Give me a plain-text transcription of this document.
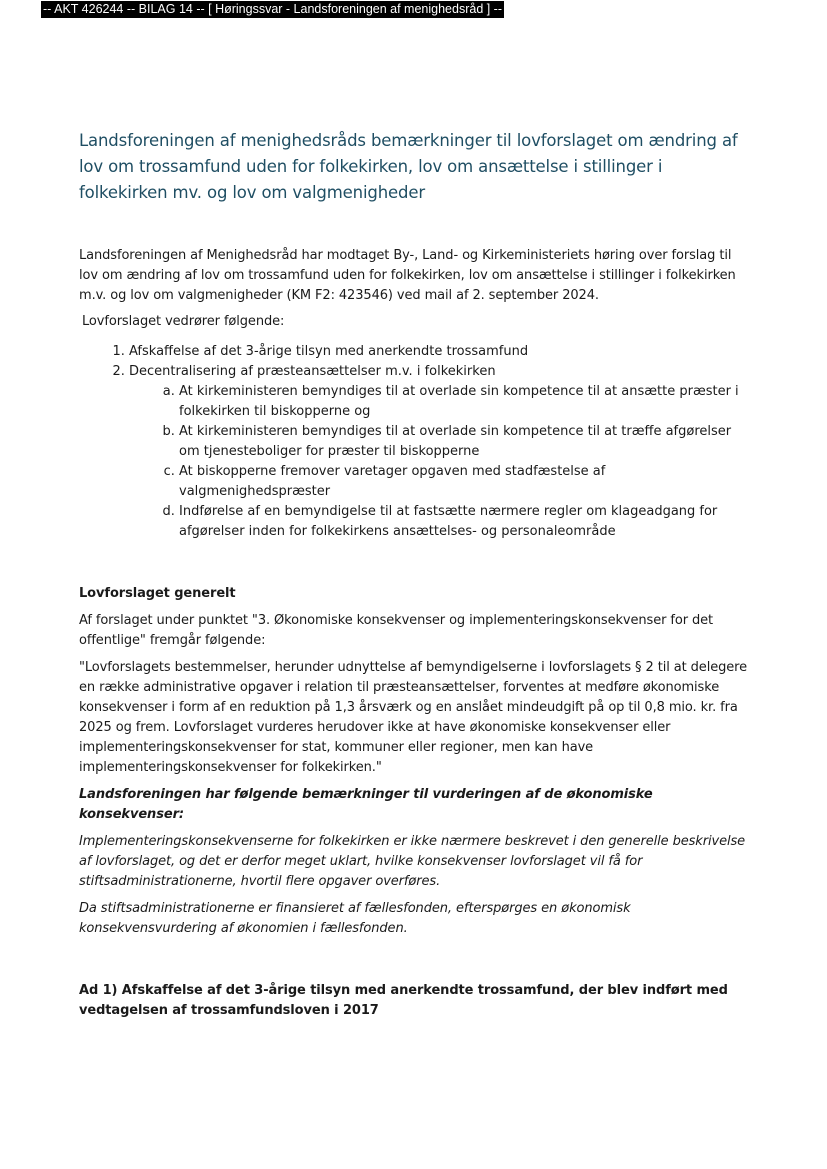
-- AKT 426244 -- BILAG 14 -- [ Høringssvar - Landsforeningen af menighedsråd ] --
Landsforeningen af menighedsråds bemærkninger til lovforslaget om ændring af lov om trossamfund uden for folkekirken, lov om ansættelse i stillinger i folkekirken mv. og lov om valgmenigheder

Landsforeningen af Menighedsråd har modtaget By-, Land- og Kirkeministeriets høring over forslag til lov om ændring af lov om trossamfund uden for folkekirken, lov om ansættelse i stillinger i folkekirken m.v. og lov om valgmenigheder (KM F2: 423546) ved mail af 2. september 2024.

Lovforslaget vedrører følgende:

1. Afskaffelse af det 3-årige tilsyn med anerkendte trossamfund
2. Decentralisering af præsteansættelser m.v. i folkekirken
a. At kirkeministeren bemyndiges til at overlade sin kompetence til at ansætte præster i folkekirken til biskopperne og
b. At kirkeministeren bemyndiges til at overlade sin kompetence til at træffe afgørelser om tjenesteboliger for præster til biskopperne
c. At biskopperne fremover varetager opgaven med stadfæstelse af valgmenighedspræster
d. Indførelse af en bemyndigelse til at fastsætte nærmere regler om klageadgang for afgørelser inden for folkekirkens ansættelses- og personaleområde

Lovforslaget generelt

Af forslaget under punktet "3. Økonomiske konsekvenser og implementeringskonsekvenser for det offentlige" fremgår følgende:

"Lovforslagets bestemmelser, herunder udnyttelse af bemyndigelserne i lovforslagets § 2 til at delegere en række administrative opgaver i relation til præsteansættelser, forventes at medføre økonomiske konsekvenser i form af en reduktion på 1,3 årsværk og en anslået mindeudgift på op til 0,8 mio. kr. fra 2025 og frem. Lovforslaget vurderes herudover ikke at have økonomiske konsekvenser eller implementeringskonsekvenser for stat, kommuner eller regioner, men kan have implementeringskonsekvenser for folkekirken."

Landsforeningen har følgende bemærkninger til vurderingen af de økonomiske konsekvenser:

Implementeringskonsekvenserne for folkekirken er ikke nærmere beskrevet i den generelle beskrivelse af lovforslaget, og det er derfor meget uklart, hvilke konsekvenser lovforslaget vil få for stiftsadministrationerne, hvortil flere opgaver overføres.

Da stiftsadministrationerne er finansieret af fællesfonden, efterspørges en økonomisk konsekvensvurdering af økonomien i fællesfonden.

Ad 1) Afskaffelse af det 3-årige tilsyn med anerkendte trossamfund, der blev indført med vedtagelsen af trossamfundsloven i 2017
